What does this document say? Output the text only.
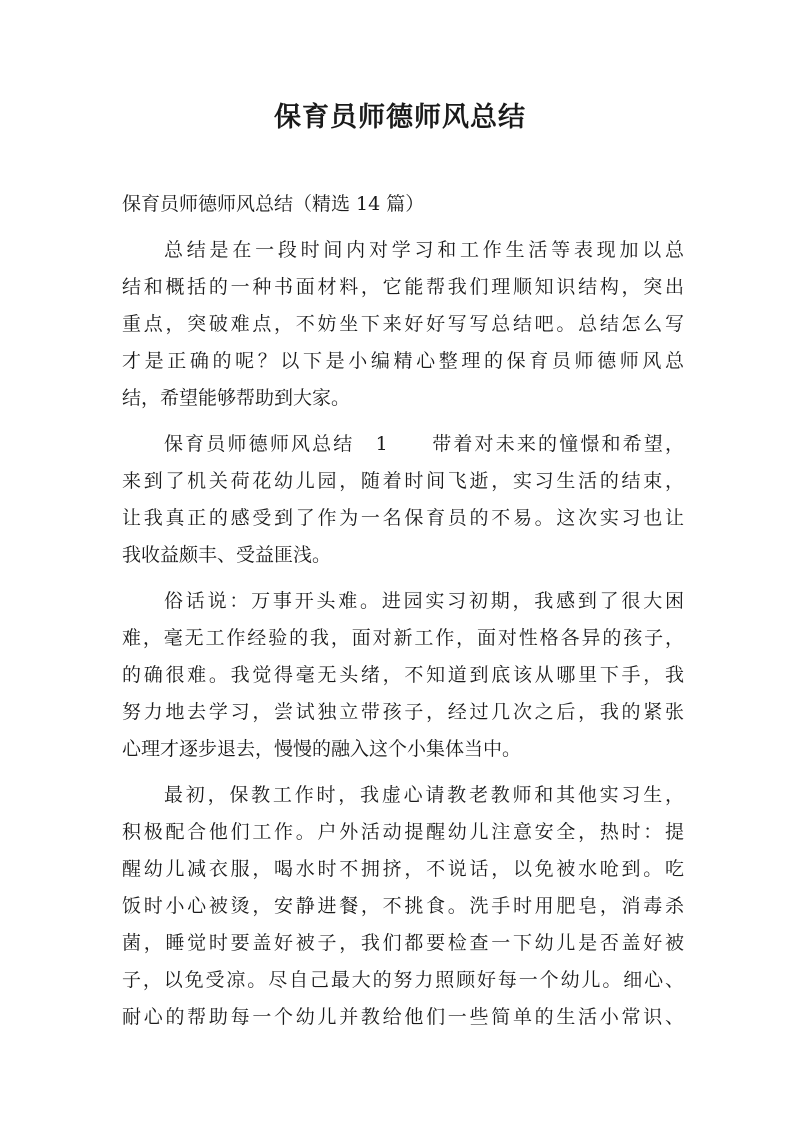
保育员师德师风总结
保育员师德师风总结（精选 14 篇）
总结是在一段时间内对学习和工作生活等表现加以总
结和概括的一种书面材料，它能帮我们理顺知识结构，突出
重点，突破难点，不妨坐下来好好写写总结吧。总结怎么写
才是正确的呢？以下是小编精心整理的保育员师德师风总
结，希望能够帮助到大家。
保育员师德师风总结　1　　带着对未来的憧憬和希望，
来到了机关荷花幼儿园，随着时间飞逝，实习生活的结束，
让我真正的感受到了作为一名保育员的不易。这次实习也让
我收益颇丰、受益匪浅。
俗话说：万事开头难。进园实习初期，我感到了很大困
难，毫无工作经验的我，面对新工作，面对性格各异的孩子，
的确很难。我觉得毫无头绪，不知道到底该从哪里下手，我
努力地去学习，尝试独立带孩子，经过几次之后，我的紧张
心理才逐步退去，慢慢的融入这个小集体当中。
最初，保教工作时，我虚心请教老教师和其他实习生，
积极配合他们工作。户外活动提醒幼儿注意安全，热时：提
醒幼儿减衣服，喝水时不拥挤，不说话，以免被水呛到。吃
饭时小心被烫，安静进餐，不挑食。洗手时用肥皂，消毒杀
菌，睡觉时要盖好被子，我们都要检查一下幼儿是否盖好被
子，以免受凉。尽自己最大的努力照顾好每一个幼儿。细心、
耐心的帮助每一个幼儿并教给他们一些简单的生活小常识、
